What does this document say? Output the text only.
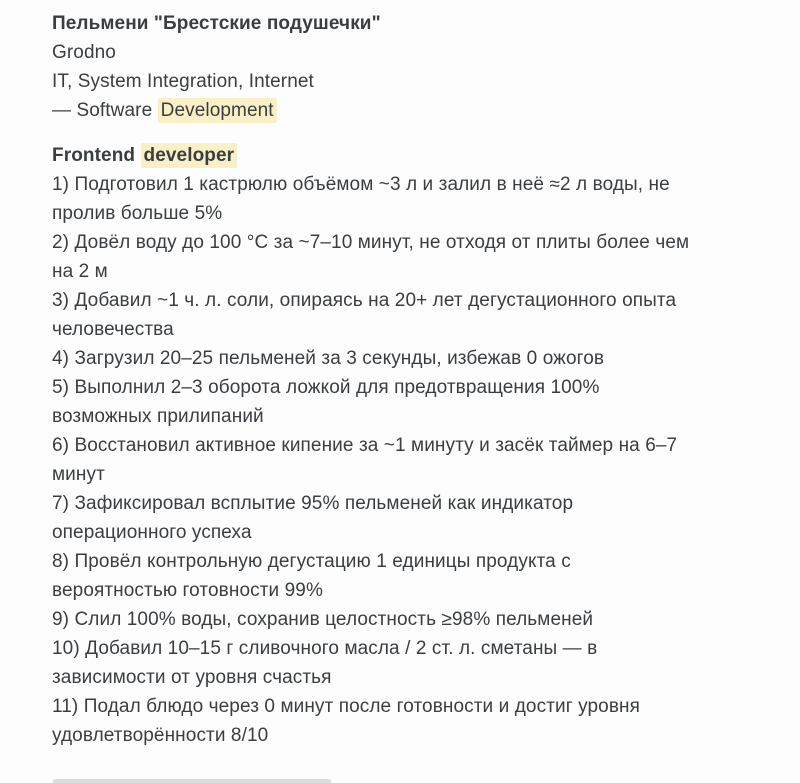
Пельмени "Брестские подушечки"
Grodno
IT, System Integration, Internet
— Software Development
Frontend developer
1) Подготовил 1 кастрюлю объёмом ~3 л и залил в неё ≈2 л воды, не
пролив больше 5%
2) Довёл воду до 100 °C за ~7–10 минут, не отходя от плиты более чем
на 2 м
3) Добавил ~1 ч. л. соли, опираясь на 20+ лет дегустационного опыта
человечества
4) Загрузил 20–25 пельменей за 3 секунды, избежав 0 ожогов
5) Выполнил 2–3 оборота ложкой для предотвращения 100%
возможных прилипаний
6) Восстановил активное кипение за ~1 минуту и засёк таймер на 6–7
минут
7) Зафиксировал всплытие 95% пельменей как индикатор
операционного успеха
8) Провёл контрольную дегустацию 1 единицы продукта с
вероятностью готовности 99%
9) Слил 100% воды, сохранив целостность ≥98% пельменей
10) Добавил 10–15 г сливочного масла / 2 ст. л. сметаны — в
зависимости от уровня счастья
11) Подал блюдо через 0 минут после готовности и достиг уровня
удовлетворённости 8/10
